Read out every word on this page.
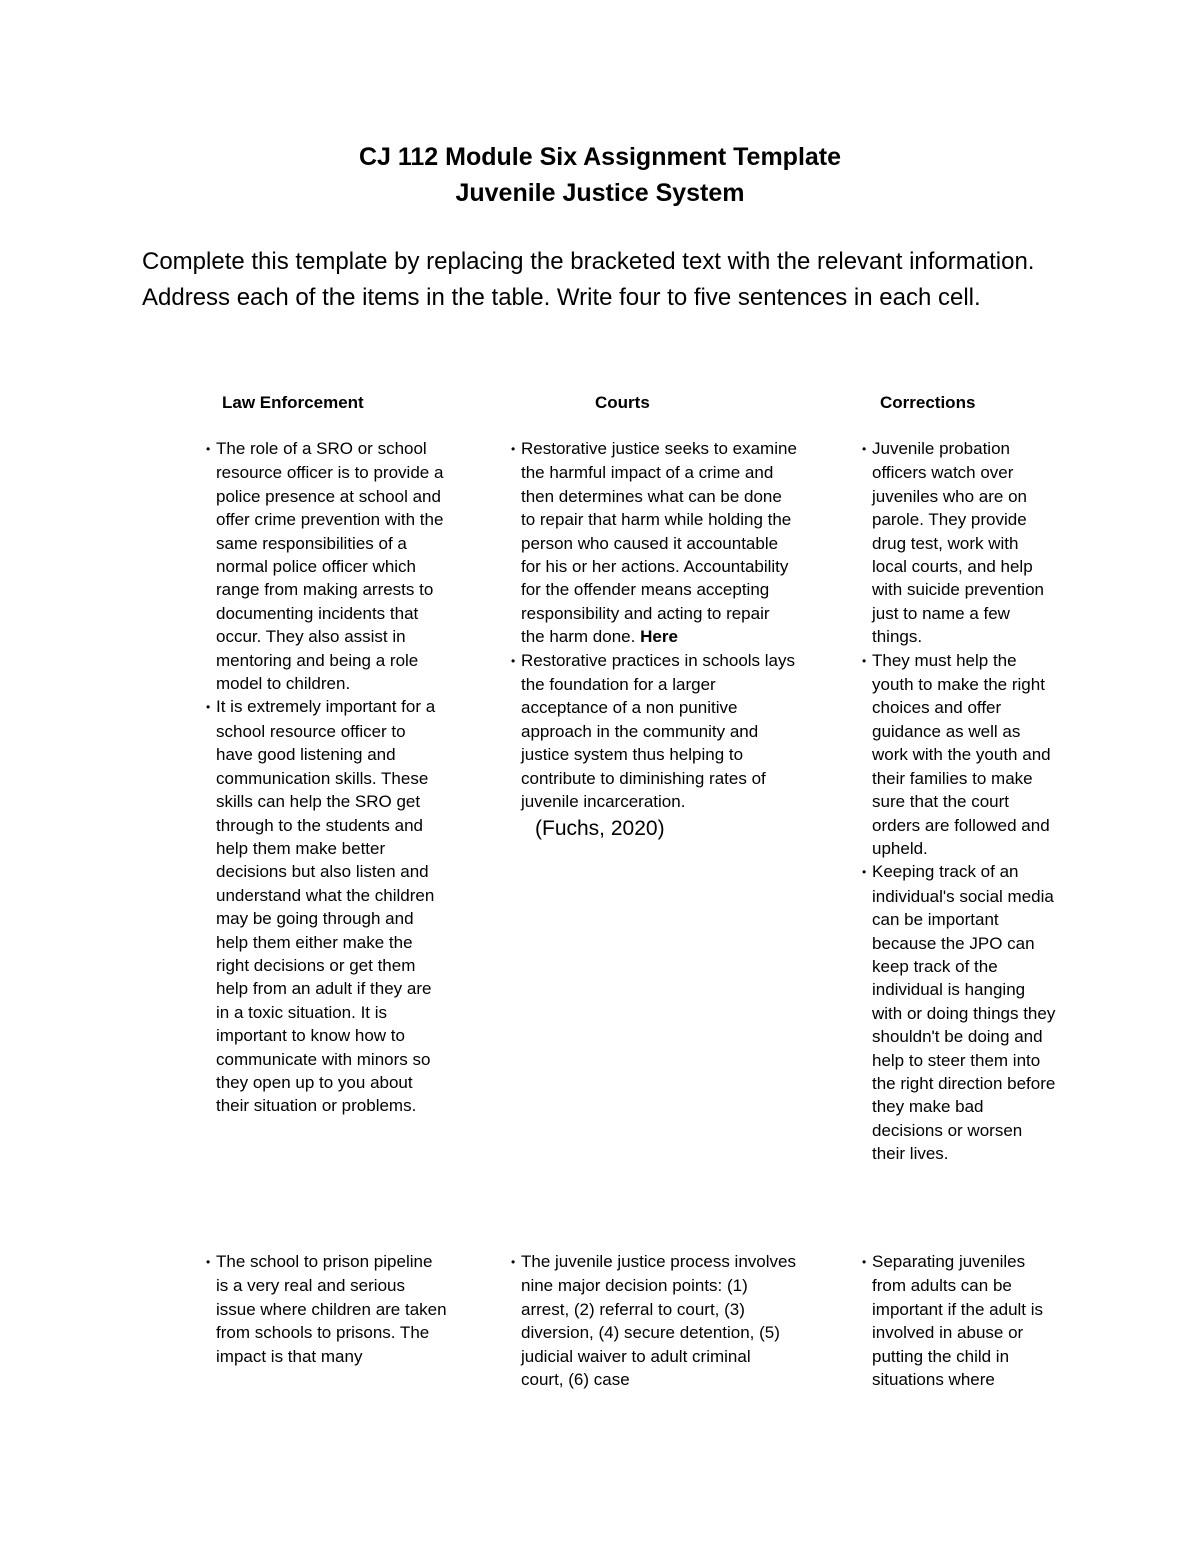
CJ 112 Module Six Assignment Template
Juvenile Justice System

Complete this template by replacing the bracketed text with the relevant information. Address each of the items in the table. Write four to five sentences in each cell.

Law Enforcement	Courts	Corrections

• The role of a SRO or school resource officer is to provide a police presence at school and offer crime prevention with the same responsibilities of a normal police officer which range from making arrests to documenting incidents that occur. They also assist in mentoring and being a role model to children.

• It is extremely important for a school resource officer to have good listening and communication skills. These skills can help the SRO get through to the students and help them make better decisions but also listen and understand what the children may be going through and help them either make the right decisions or get them help from an adult if they are in a toxic situation. It is important to know how to communicate with minors so they open up to you about their situation or problems.

• Restorative justice seeks to examine the harmful impact of a crime and then determines what can be done to repair that harm while holding the person who caused it accountable for his or her actions. Accountability for the offender means accepting responsibility and acting to repair the harm done. Here

• Restorative practices in schools lays the foundation for a larger acceptance of a non punitive approach in the community and justice system thus helping to contribute to diminishing rates of juvenile incarceration.

(Fuchs, 2020)

• Juvenile probation officers watch over juveniles who are on parole. They provide drug test, work with local courts, and help with suicide prevention just to name a few things.

• They must help the youth to make the right choices and offer guidance as well as work with the youth and their families to make sure that the court orders are followed and upheld.

• Keeping track of an individual's social media can be important because the JPO can keep track of the individual is hanging with or doing things they shouldn't be doing and help to steer them into the right direction before they make bad decisions or worsen their lives.

• The school to prison pipeline is a very real and serious issue where children are taken from schools to prisons. The impact is that many

• The juvenile justice process involves nine major decision points: (1) arrest, (2) referral to court, (3) diversion, (4) secure detention, (5) judicial waiver to adult criminal court, (6) case

• Separating juveniles from adults can be important if the adult is involved in abuse or putting the child in situations where
